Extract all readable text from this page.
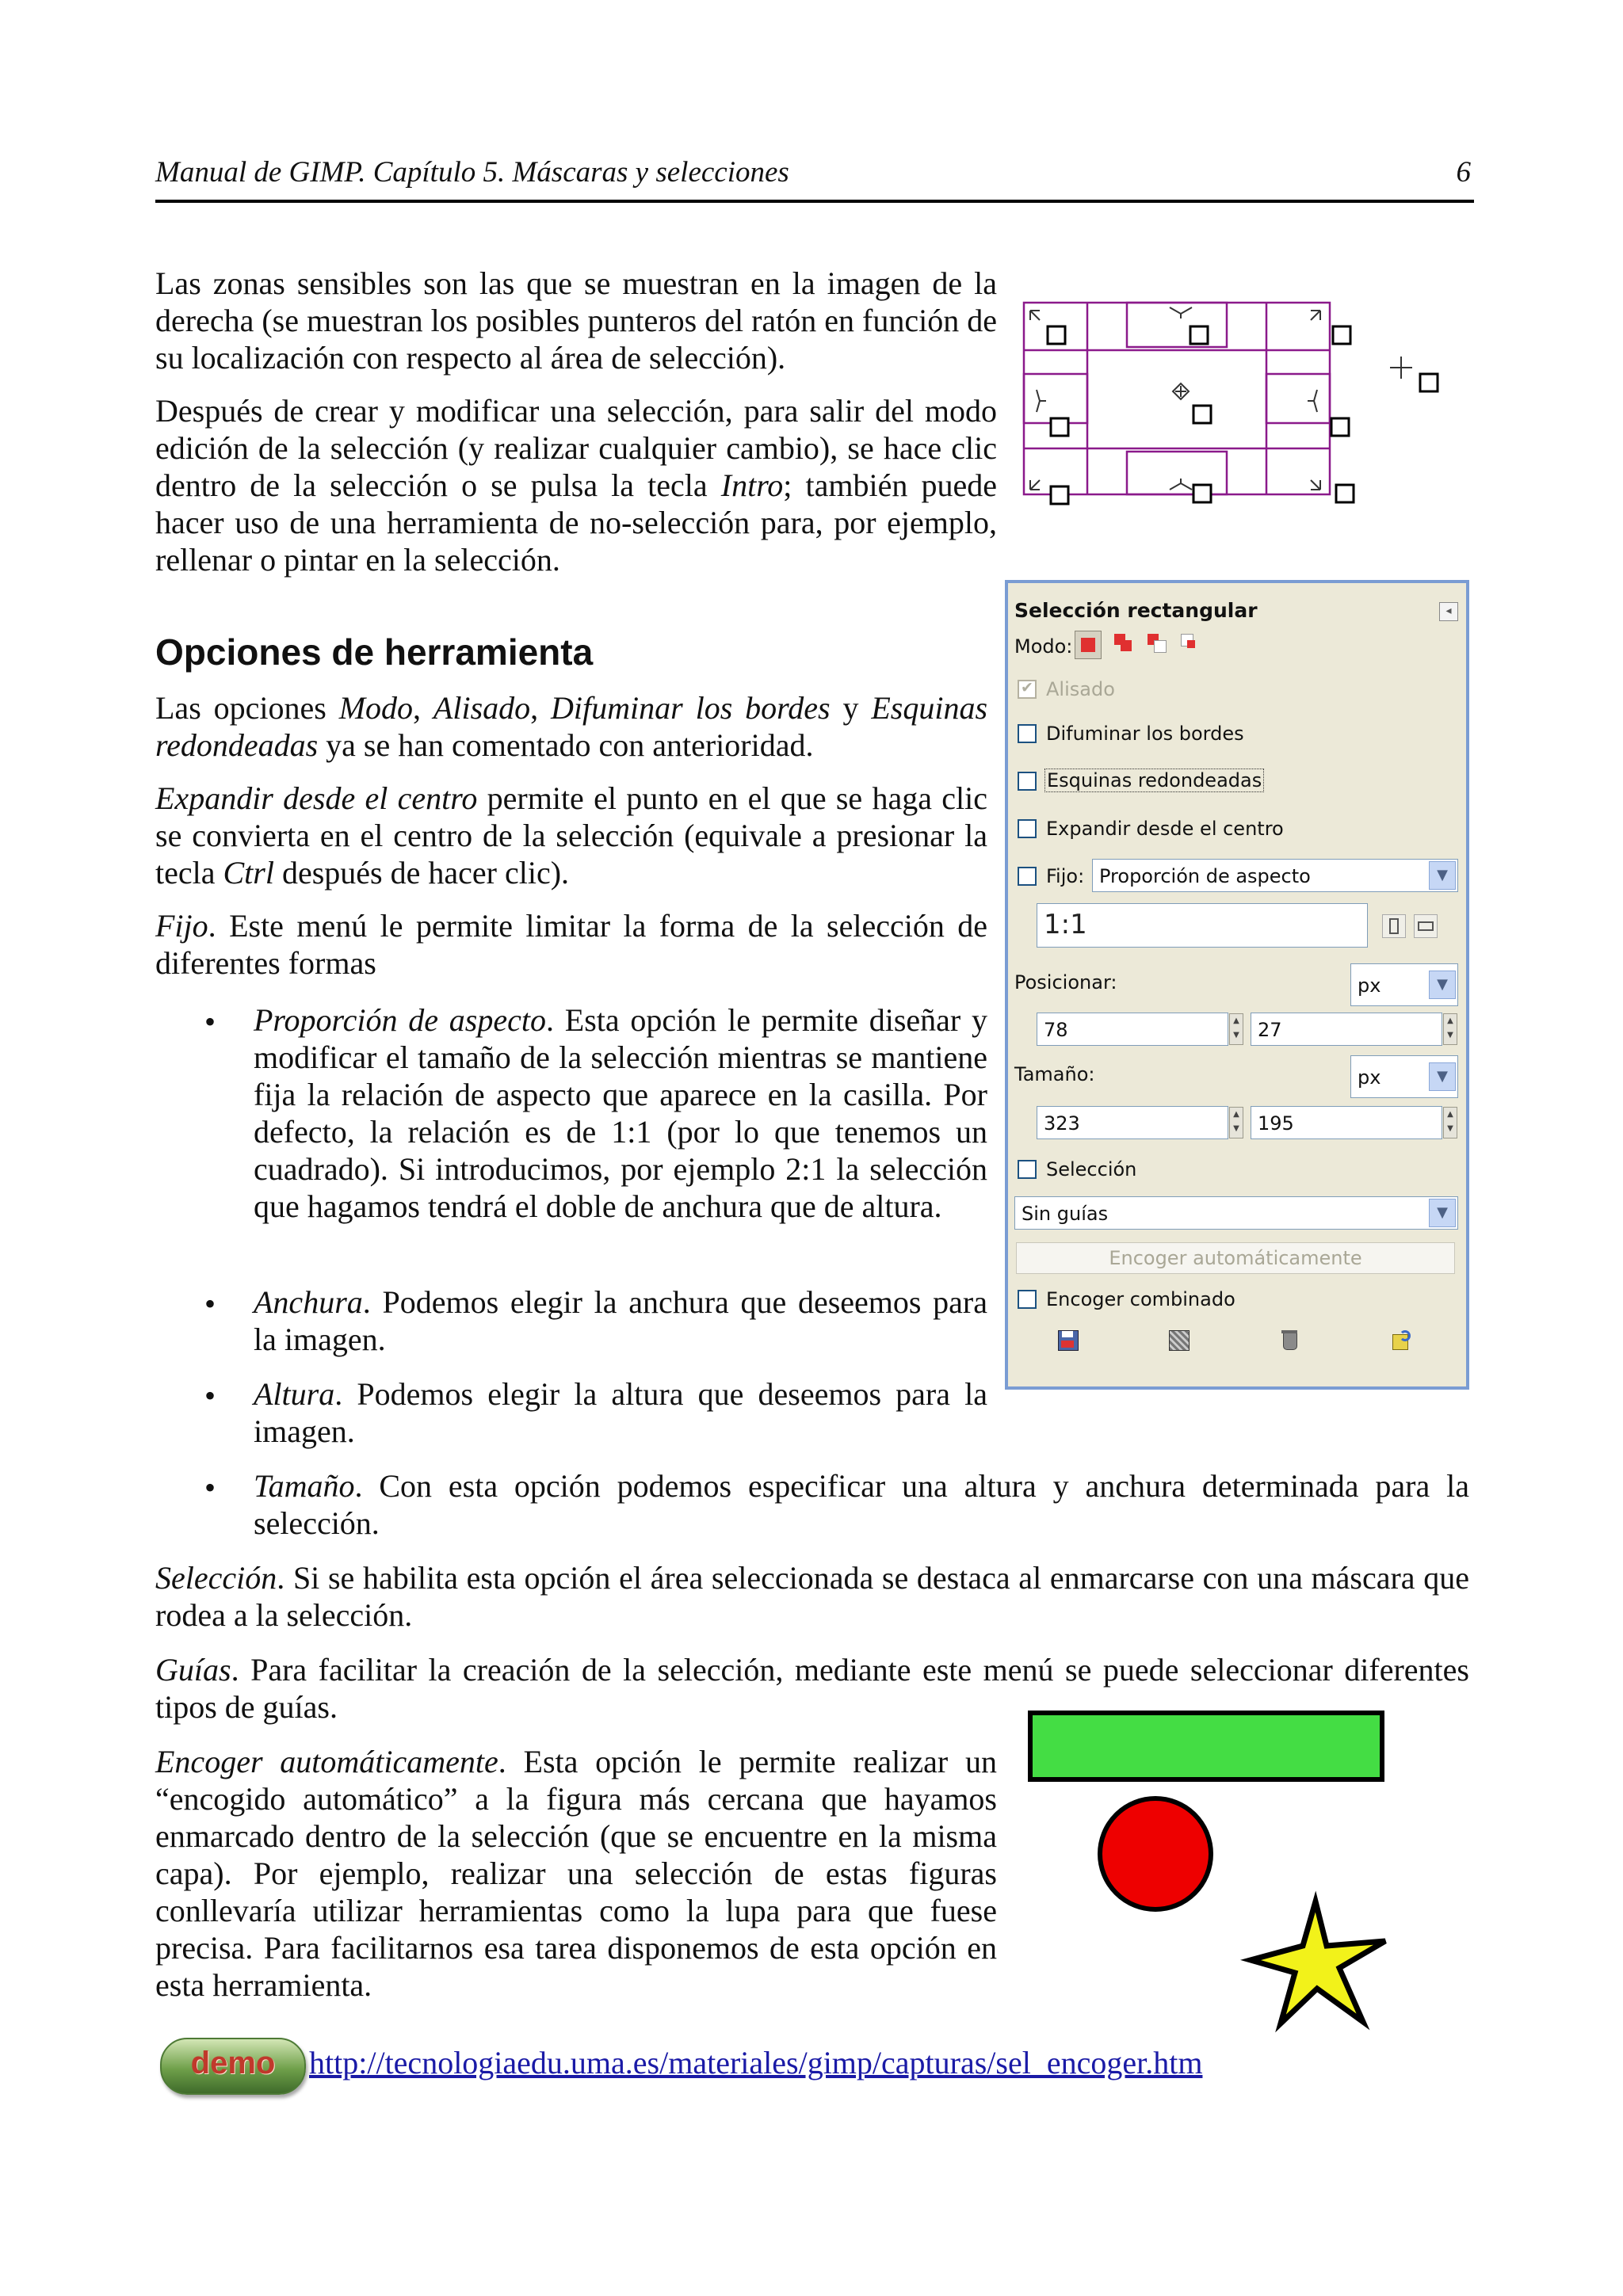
Manual de GIMP. Capítulo 5. Máscaras y selecciones	6

Las zonas sensibles son las que se muestran en la imagen de la derecha (se muestran los posibles punteros del ratón en función de su localización con respecto al área de selección).

Después de crear y modificar una selección, para salir del modo edición de la selección (y realizar cualquier cambio), se hace clic dentro de la selección o se pulsa la tecla Intro; también puede hacer uso de una herramienta de no-selección para, por ejemplo, rellenar o pintar en la selección.

Opciones de herramienta

Las opciones Modo, Alisado, Difuminar los bordes y Esquinas redondeadas ya se han comentado con anterioridad.

Expandir desde el centro permite el punto en el que se haga clic se convierta en el centro de la selección (equivale a presionar la tecla Ctrl después de hacer clic).

Fijo. Este menú le permite limitar la forma de la selección de diferentes formas

• Proporción de aspecto. Esta opción le permite diseñar y modificar el tamaño de la selección mientras se mantiene fija la relación de aspecto que aparece en la casilla. Por defecto, la relación es de 1:1 (por lo que tenemos un cuadrado). Si introducimos, por ejemplo 2:1 la selección que hagamos tendrá el doble de anchura que de altura.

• Anchura. Podemos elegir la anchura que deseemos para la imagen.

• Altura. Podemos elegir la altura que deseemos para la imagen.

• Tamaño. Con esta opción podemos especificar una altura y anchura determinada para la selección.

Selección. Si se habilita esta opción el área seleccionada se destaca al enmarcarse con una máscara que rodea a la selección.

Guías. Para facilitar la creación de la selección, mediante este menú se puede seleccionar diferentes tipos de guías.

Encoger automáticamente. Esta opción le permite realizar un “encogido automático” a la figura más cercana que hayamos enmarcado dentro de la selección (que se encuentre en la misma capa). Por ejemplo, realizar una selección de estas figuras conllevaría utilizar herramientas como la lupa para que fuese precisa. Para facilitarnos esa tarea disponemos de esta opción en esta herramienta.

demo	http://tecnologiaedu.uma.es/materiales/gimp/capturas/sel_encoger.htm
Selección rectangular	◂
Modo:
✔
Alisado
Difuminar los bordes
Esquinas redondeadas
Expandir desde el centro
Fijo: Proporción de aspecto	▼
1:1
Posicionar:	px	▼
78	▲
▼ 27	▲
▼
Tamaño:	px	▼
323	▲
▼ 195	▲
▼
Selección
Sin guías	▼
Encoger automáticamente
Encoger combinado
